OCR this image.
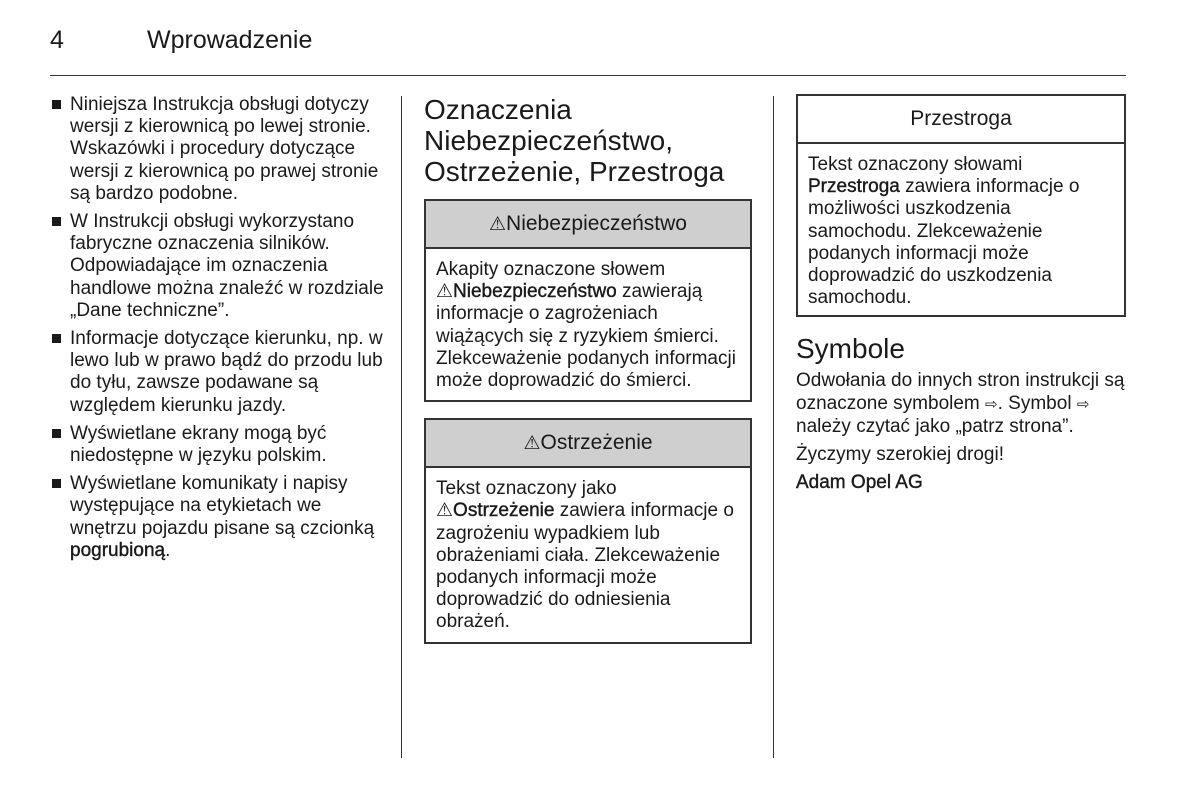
4	Wprowadzenie
Niniejsza Instrukcja obsługi dotyczy wersji z kierownicą po lewej stronie. Wskazówki i procedury dotyczące wersji z kierownicą po prawej stronie są bardzo podobne.
W Instrukcji obsługi wykorzystano fabryczne oznaczenia silników. Odpowiadające im oznaczenia handlowe można znaleźć w rozdziale „Dane techniczne”.
Informacje dotyczące kierunku, np. w lewo lub w prawo bądź do przodu lub do tyłu, zawsze podawane są względem kierunku jazdy.
Wyświetlane ekrany mogą być niedostępne w języku polskim.
Wyświetlane komunikaty i napisy występujące na etykietach we wnętrzu pojazdu pisane są czcionką pogrubioną.
Oznaczenia Niebezpieczeństwo, Ostrzeżenie, Przestroga
⚠Niebezpieczeństwo
Akapity oznaczone słowem ⚠Niebezpieczeństwo zawierają informacje o zagrożeniach wiążących się z ryzykiem śmierci. Zlekceważenie podanych informacji może doprowadzić do śmierci.
⚠Ostrzeżenie
Tekst oznaczony jako ⚠Ostrzeżenie zawiera informacje o zagrożeniu wypadkiem lub obrażeniami ciała. Zlekceważenie podanych informacji może doprowadzić do odniesienia obrażeń.
Przestroga
Tekst oznaczony słowami Przestroga zawiera informacje o możliwości uszkodzenia samochodu. Zlekceważenie podanych informacji może doprowadzić do uszkodzenia samochodu.
Symbole

Odwołania do innych stron instrukcji są oznaczone symbolem ⇨. Symbol ⇨ należy czytać jako „patrz strona”.

Życzymy szerokiej drogi!

Adam Opel AG
